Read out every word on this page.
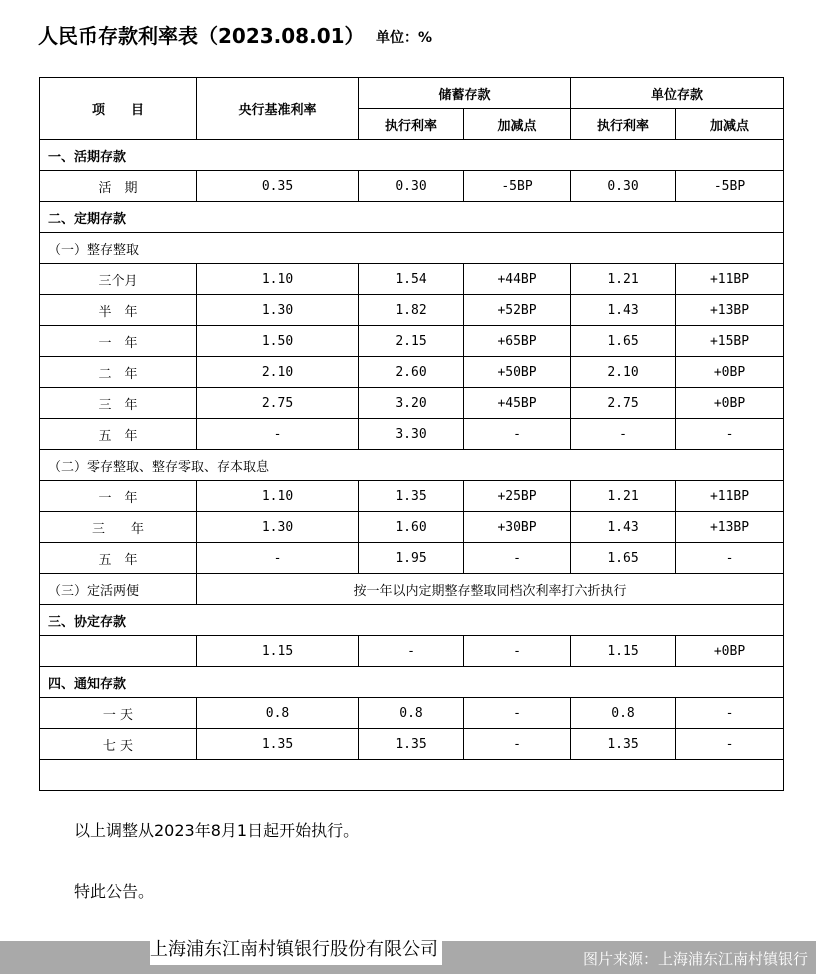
人民币存款利率表（2023.08.01） 单位：%
项　　目	央行基准利率	储蓄存款		单位存款	
		执行利率	加减点	执行利率	加减点
一、活期存款					
活　期	0.35	0.30	-5BP	0.30	-5BP
二、定期存款					
（一）整存整取					
三个月	1.10	1.54	+44BP	1.21	+11BP
半　年	1.30	1.82	+52BP	1.43	+13BP
一　年	1.50	2.15	+65BP	1.65	+15BP
二　年	2.10	2.60	+50BP	2.10	+0BP
三　年	2.75	3.20	+45BP	2.75	+0BP
五　年	-	3.30	-	-	-
（二）零存整取、整存零取、存本取息					
一　年	1.10	1.35	+25BP	1.21	+11BP
三　　年	1.30	1.60	+30BP	1.43	+13BP
五　年	-	1.95	-	1.65	-
（三）定活两便	按一年以内定期整存整取同档次利率打六折执行				
三、协定存款					
	1.15	-	-	1.15	+0BP
四、通知存款					
一 天	0.8	0.8	-	0.8	-
七 天	1.35	1.35	-	1.35	-

以上调整从2023年8月1日起开始执行。
特此公告。
上海浦东江南村镇银行股份有限公司	图片来源：上海浦东江南村镇银行
